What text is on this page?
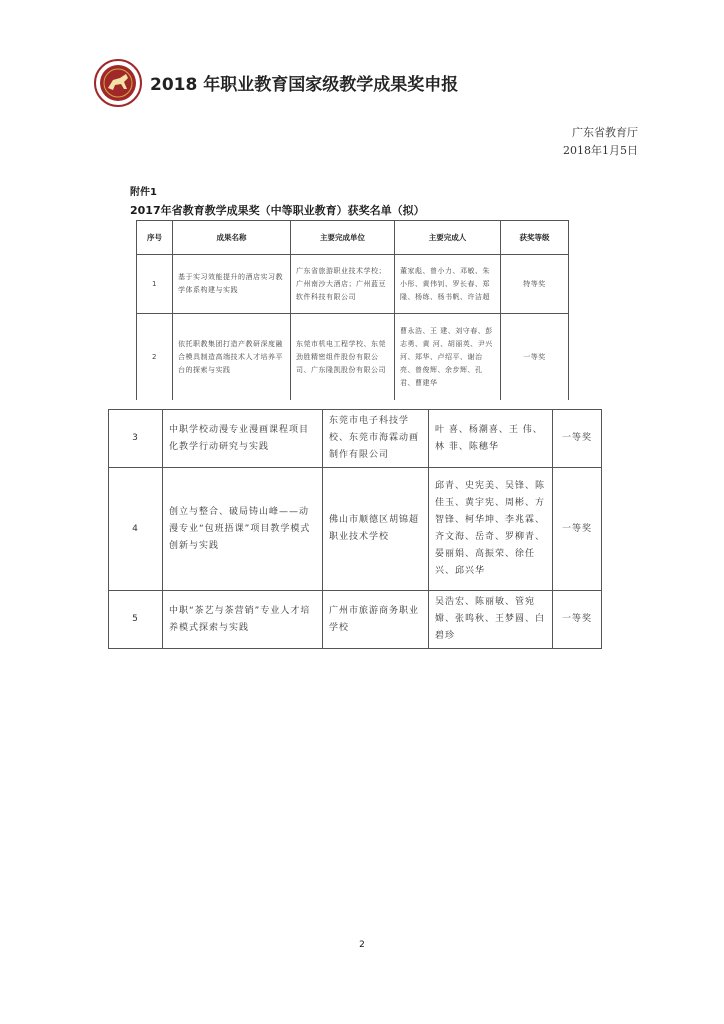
2018 年职业教育国家级教学成果奖申报
广东省教育厅
2018年1月5日
附件1
2017年省教育教学成果奖（中等职业教育）获奖名单（拟）
序号	成果名称	主要完成单位	主要完成人	获奖等级
1	基于实习效能提升的酒店实习教学体系构建与实践	广东省旅游职业技术学校；广州南沙大酒店；广州蓝豆软件科技有限公司	董家彪、曾小力、邓敏、朱小彤、黄伟钊、罗长春、郑 隆、杨练、杨书帆、许洁超	特等奖
2	依托职教集团打造产教研深度融合模具制造高端技术人才培养平台的探索与实践	东莞市机电工程学校、东莞劲胜精密组件股份有限公司、广东隆凯股份有限公司	曹永浩、王 建、刘守春、彭志勇、黄 河、胡丽英、尹兴河、郑华、卢绍平、谢治亮、曾俊辉、余步辉、孔 君、曹建华	一等奖
3	中职学校动漫专业漫画课程项目化教学行动研究与实践	东莞市电子科技学校、东莞市海霖动画制作有限公司	叶 喜、杨潮喜、王 伟、林 菲、陈穗华	一等奖
4	创立与整合、破局铸山峰——动漫专业“包班捂课”项目教学模式创新与实践	佛山市顺德区胡锦超职业技术学校	邱青、史宪美、吴锋、陈佳玉、黄宇宪、周彬、方智锋、柯华坤、李兆霖、齐文海、岳奇、罗柳青、晏丽娟、高振荣、徐任兴、邱兴华	一等奖
5	中职“茶艺与茶营销”专业人才培养模式探索与实践	广州市旅游商务职业学校	吴浩宏、陈丽敏、管宛嫦、张鸣秋、王梦圆、白碧珍	一等奖
2
